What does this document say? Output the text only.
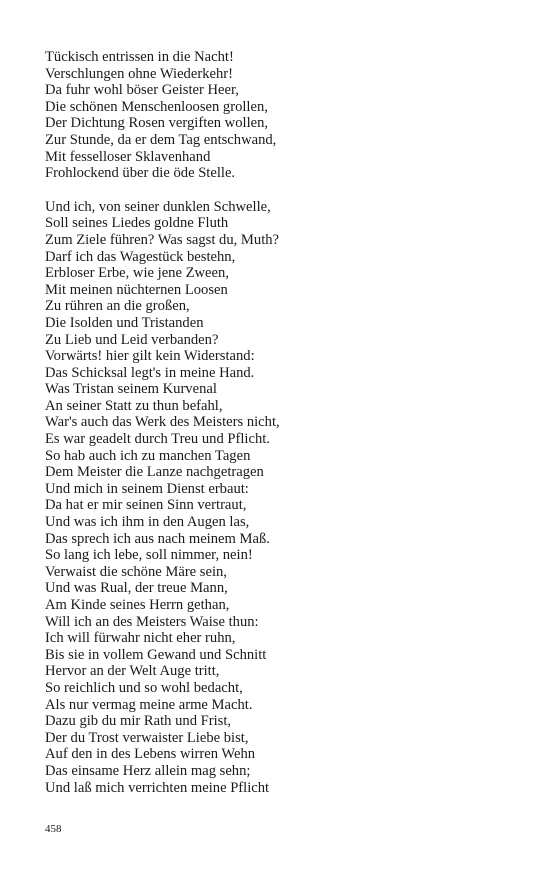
Tückisch entrissen in die Nacht!
Verschlungen ohne Wiederkehr!
Da fuhr wohl böser Geister Heer,
Die schönen Menschenloosen grollen,
Der Dichtung Rosen vergiften wollen,
Zur Stunde, da er dem Tag entschwand,
Mit fesselloser Sklavenhand
Frohlockend über die öde Stelle.
Und ich, von seiner dunklen Schwelle,
Soll seines Liedes goldne Fluth
Zum Ziele führen? Was sagst du, Muth?
Darf ich das Wagestück bestehn,
Erbloser Erbe, wie jene Zween,
Mit meinen nüchternen Loosen
Zu rühren an die großen,
Die Isolden und Tristanden
Zu Lieb und Leid verbanden?
Vorwärts! hier gilt kein Widerstand:
Das Schicksal legt's in meine Hand.
Was Tristan seinem Kurvenal
An seiner Statt zu thun befahl,
War's auch das Werk des Meisters nicht,
Es war geadelt durch Treu und Pflicht.
So hab auch ich zu manchen Tagen
Dem Meister die Lanze nachgetragen
Und mich in seinem Dienst erbaut:
Da hat er mir seinen Sinn vertraut,
Und was ich ihm in den Augen las,
Das sprech ich aus nach meinem Maß.
So lang ich lebe, soll nimmer, nein!
Verwaist die schöne Märe sein,
Und was Rual, der treue Mann,
Am Kinde seines Herrn gethan,
Will ich an des Meisters Waise thun:
Ich will fürwahr nicht eher ruhn,
Bis sie in vollem Gewand und Schnitt
Hervor an der Welt Auge tritt,
So reichlich und so wohl bedacht,
Als nur vermag meine arme Macht.
Dazu gib du mir Rath und Frist,
Der du Trost verwaister Liebe bist,
Auf den in des Lebens wirren Wehn
Das einsame Herz allein mag sehn;
Und laß mich verrichten meine Pflicht
458
